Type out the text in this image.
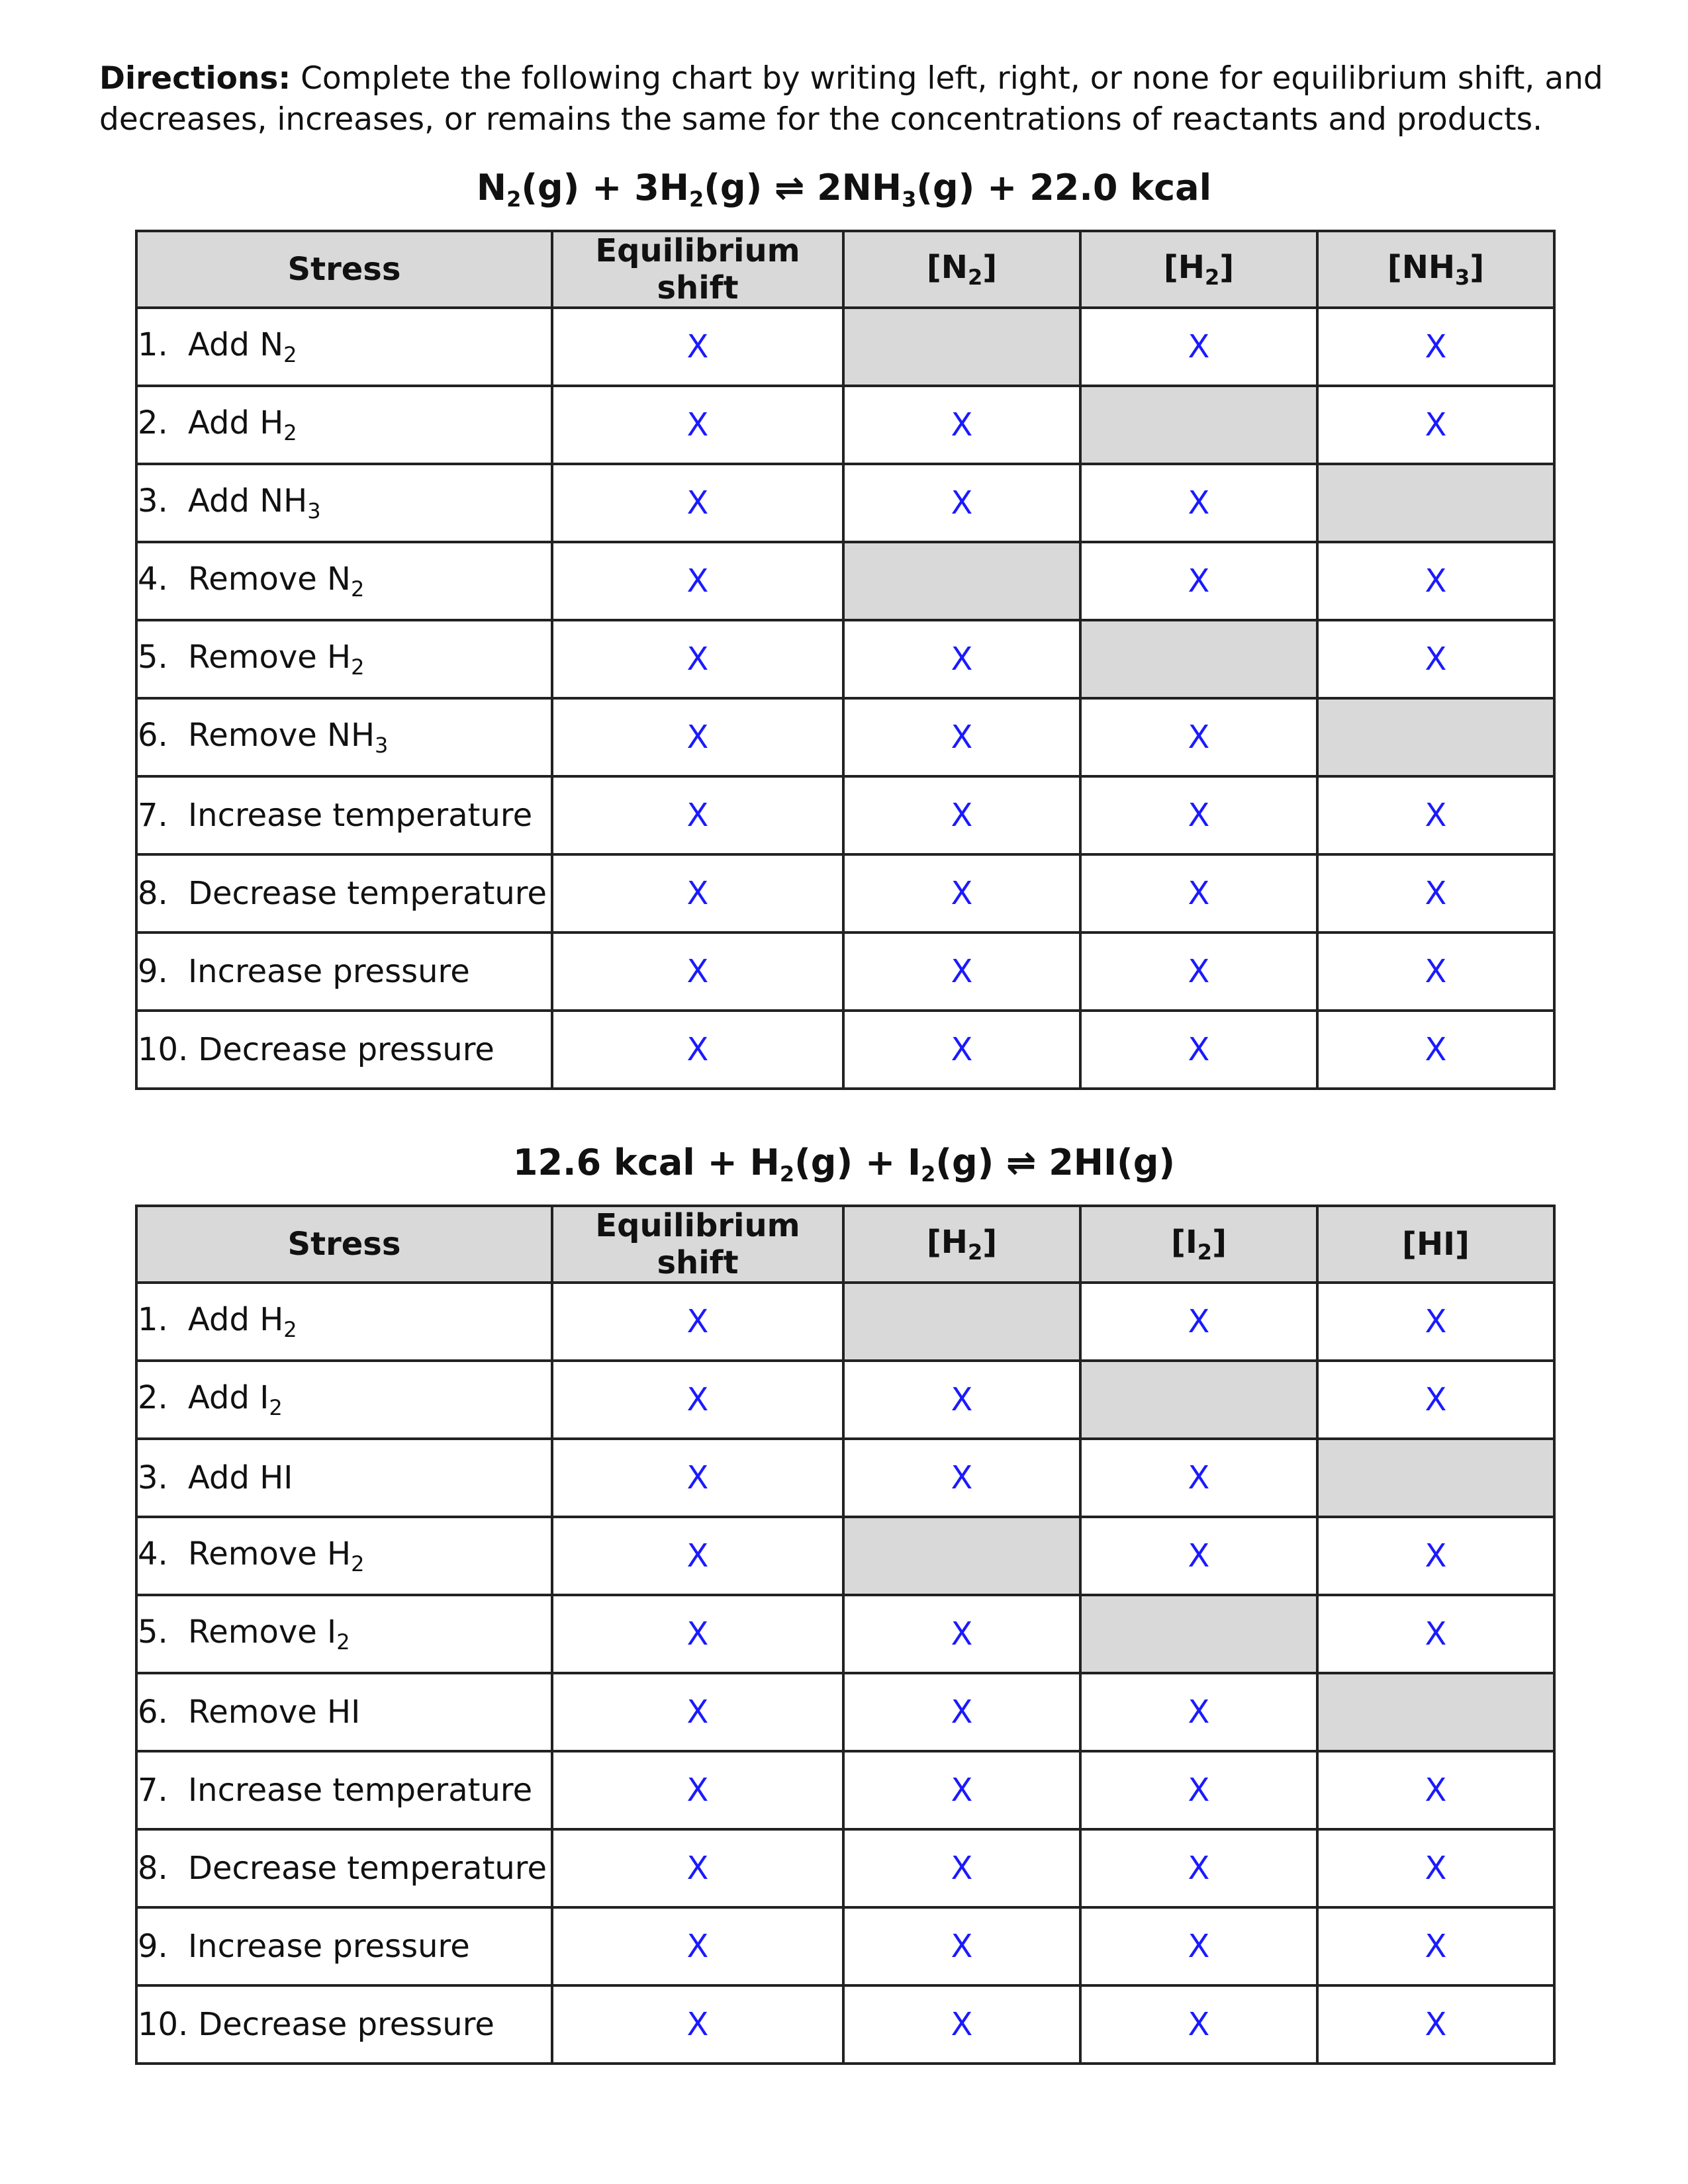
Directions: Complete the following chart by writing left, right, or none for equilibrium shift, and decreases, increases, or remains the same for the concentrations of reactants and products.
$N_2(g) + 3H_2(g)$ ⇌ $2NH_3(g) + 22.0$ kcal
Stress	Equilibrium shift	$[N_2]$	$[H_2]$	$[NH_3]$
1. Add $N_2$	X		X	X
2. Add $H_2$	X	X		X
3. Add $NH_3$	X	X	X	
4. Remove $N_2$	X		X	X
5. Remove $H_2$	X	X		X
6. Remove $NH_3$	X	X	X	
7. Increase temperature	X	X	X	X
8. Decrease temperature	X	X	X	X
9. Increase pressure	X	X	X	X
10. Decrease pressure	X	X	X	X
12.6 kcal + $H_2(g) + I_2(g)$ ⇌ 2HI(g)
Stress	Equilibrium shift	$[H_2]$	$[I_2]$	[HI]
1. Add $H_2$	X		X	X
2. Add $I_2$	X	X		X
3. Add HI	X	X	X	
4. Remove $H_2$	X		X	X
5. Remove $I_2$	X	X		X
6. Remove HI	X	X	X	
7. Increase temperature	X	X	X	X
8. Decrease temperature	X	X	X	X
9. Increase pressure	X	X	X	X
10. Decrease pressure	X	X	X	X
